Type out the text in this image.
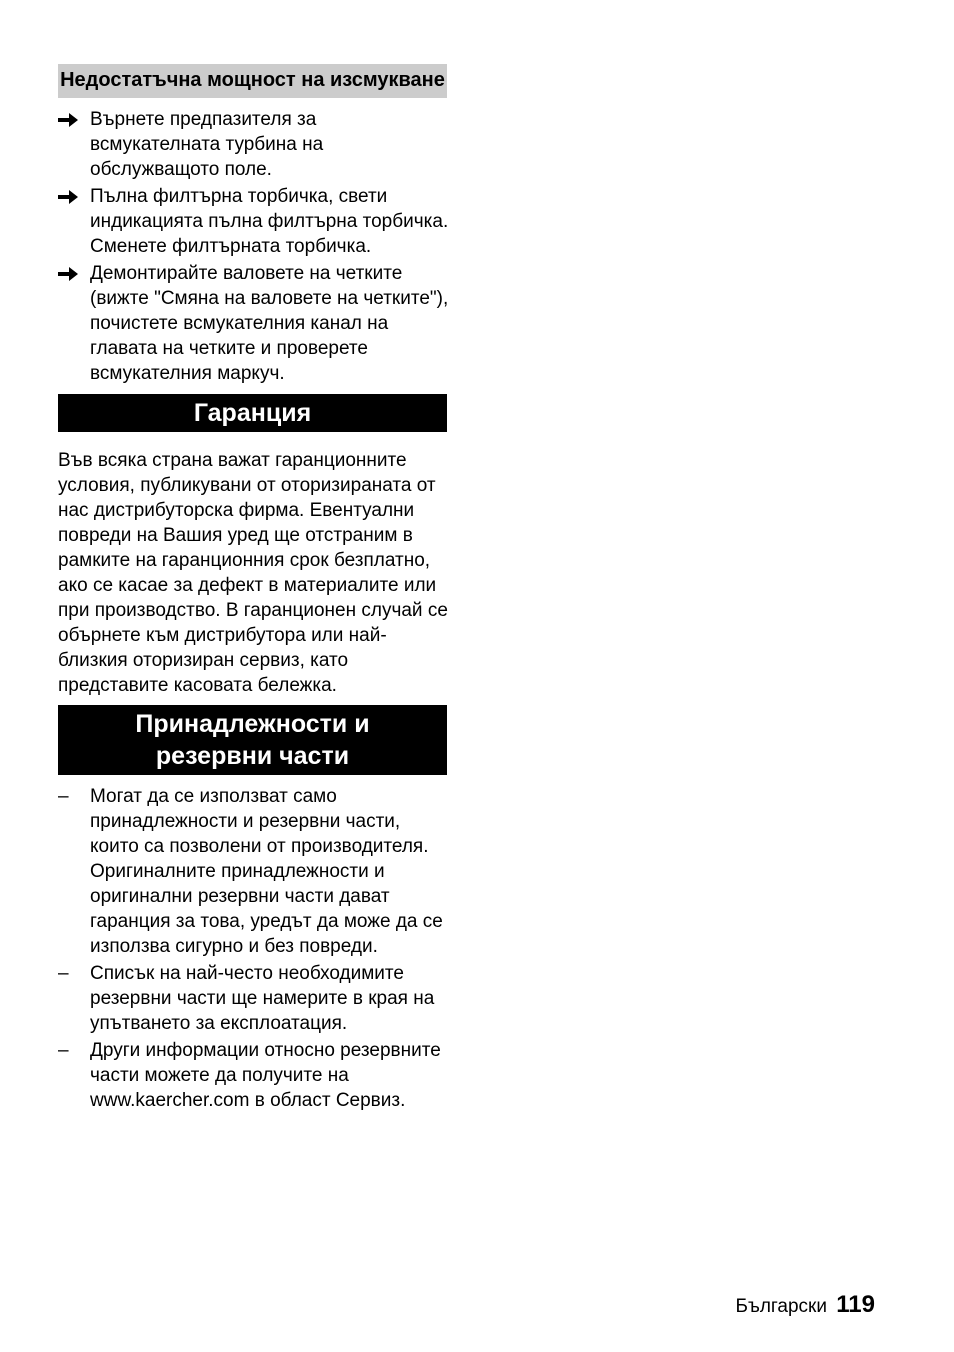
Недостатъчна мощност на изсмукване
Върнете предпазителя за всмукателната турбина на обслужващото поле.
Пълна филтърна торбичка, свети индикацията пълна филтърна торбичка. Сменете филтърната торбичка.
Демонтирайте валовете на четките (вижте "Смяна на валовете на четките"), почистете всмукателния канал на главата на четките и проверете всмукателния маркуч.
Гаранция

Във всяка страна важат гаранционните условия, публикувани от оторизираната от нас дистрибуторска фирма. Евентуални повреди на Вашия уред ще отстраним в рамките на гаранционния срок безплатно, ако се касае за дефект в материалите или при производство. В гаранционен случай се обърнете към дистрибутора или най-близкия оторизиран сервиз, като представите касовата бележка.

Принадлежности и
резервни части
–	Могат да се използват само принадлежности и резервни части, които са позволени от производителя. Оригиналните принадлежности и оригинални резервни части дават гаранция за това, уредът да може да се използва сигурно и без повреди.
–	Списък на най-често необходимите резервни части ще намерите в края на упътването за експлоатация.
–	Други информации относно резервните части можете да получите на www.kaercher.com в област Сервиз.
Български 119
